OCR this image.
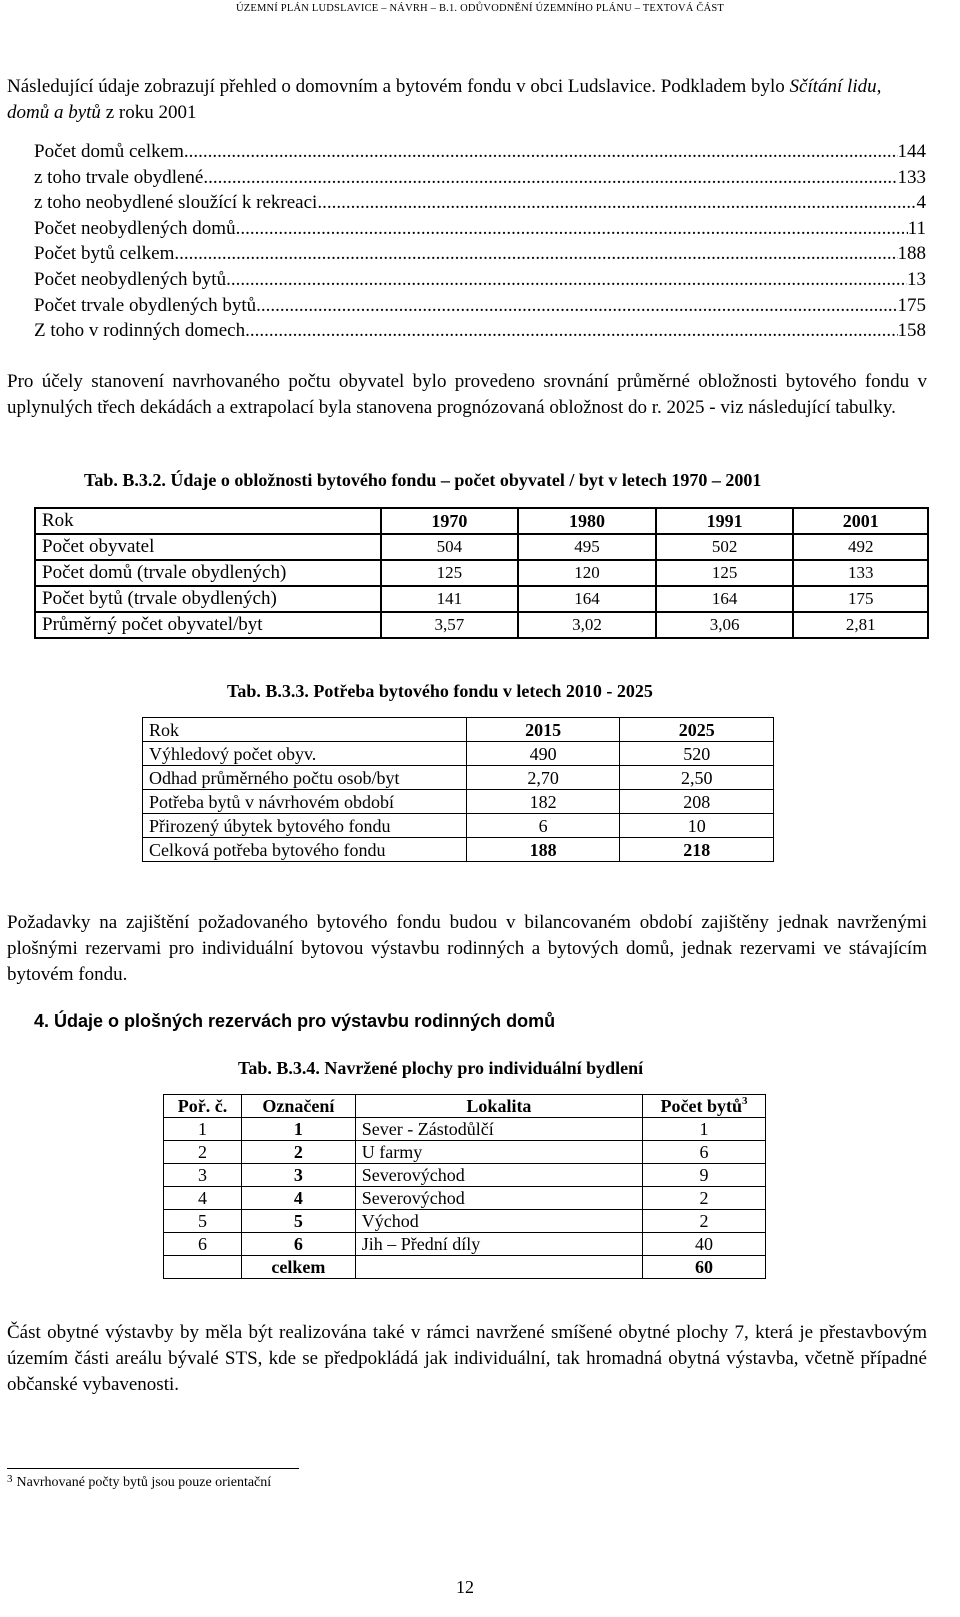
ÚZEMNÍ PLÁN LUDSLAVICE – NÁVRH – B.1. ODŮVODNĚNÍ ÚZEMNÍHO PLÁNU – TEXTOVÁ ČÁST
Následující údaje zobrazují přehled o domovním a bytovém fondu v obci Ludslavice. Podkladem bylo Sčítání lidu, domů a bytů z roku 2001
Počet domů celkem .....	144
z toho trvale obydlené .....	133
z toho neobydlené sloužící k rekreaci .....	4
Počet neobydlených domů .....	11
Počet bytů celkem .....	188
Počet neobydlených bytů .....	13
Počet trvale obydlených bytů .....	175
Z toho v rodinných domech .....	158
Pro účely stanovení navrhovaného počtu obyvatel bylo provedeno srovnání průměrné obložnosti bytového fondu v uplynulých třech dekádách a extrapolací byla stanovena prognózovaná obložnost do r. 2025 - viz následující tabulky.
Tab. B.3.2. Údaje o obložnosti bytového fondu – počet obyvatel / byt v letech 1970 – 2001
Rok	1970	1980	1991	2001
Počet obyvatel	504	495	502	492
Počet domů (trvale obydlených)	125	120	125	133
Počet bytů (trvale obydlených)	141	164	164	175
Průměrný počet obyvatel/byt	3,57	3,02	3,06	2,81
Tab. B.3.3. Potřeba bytového fondu v letech 2010 - 2025
Rok	2015	2025
Výhledový počet obyv.	490	520
Odhad průměrného počtu osob/byt	2,70	2,50
Potřeba bytů v návrhovém období	182	208
Přirozený úbytek bytového fondu	6	10
Celková potřeba bytového fondu	188	218
Požadavky na zajištění požadovaného bytového fondu budou v bilancovaném období zajištěny jednak navrženými plošnými rezervami pro individuální bytovou výstavbu rodinných a bytových domů, jednak rezervami ve stávajícím bytovém fondu.
4. Údaje o plošných rezervách pro výstavbu rodinných domů
Tab. B.3.4. Navržené plochy pro individuální bydlení
Poř. č.	Označení	Lokalita	Počet bytů$^3$
1	1	Sever - Zástodůlčí	1
2	2	U farmy	6
3	3	Severovýchod	9
4	4	Severovýchod	2
5	5	Východ	2
6	6	Jih – Přední díly	40
	celkem		60
Část obytné výstavby by měla být realizována také v rámci navržené smíšené obytné plochy 7, která je přestavbovým územím části areálu bývalé STS, kde se předpokládá jak individuální, tak hromadná obytná výstavba, včetně případné občanské vybavenosti.
$^3$ Navrhované počty bytů jsou pouze orientační
12
